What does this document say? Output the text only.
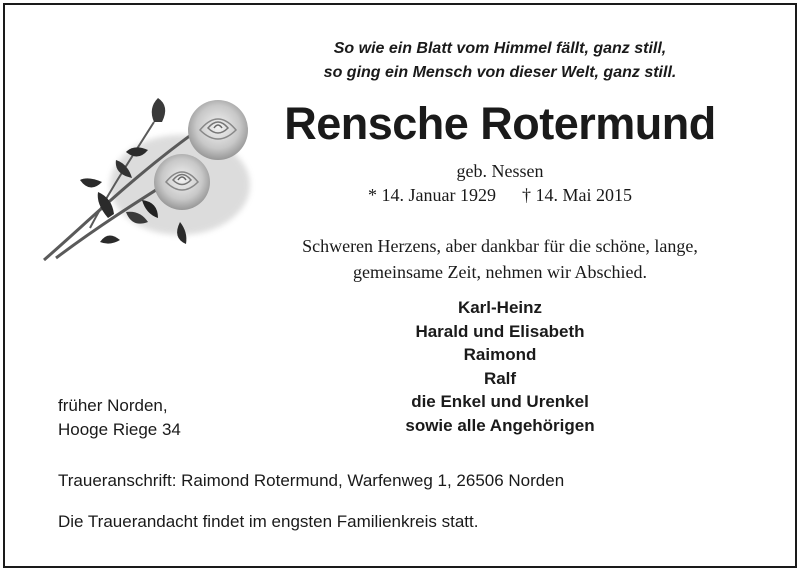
So wie ein Blatt vom Himmel fällt, ganz still,
so ging ein Mensch von dieser Welt, ganz still.
Rensche Rotermund
geb. Nessen
* 14. Januar 1929 † 14. Mai 2015
Schweren Herzens, aber dankbar für die schöne, lange,
gemeinsame Zeit, nehmen wir Abschied.
Karl-Heinz
Harald und Elisabeth
Raimond
Ralf
die Enkel und Urenkel
sowie alle Angehörigen
früher Norden,
Hooge Riege 34
Traueranschrift: Raimond Rotermund, Warfenweg 1, 26506 Norden
Die Trauerandacht findet im engsten Familienkreis statt.
